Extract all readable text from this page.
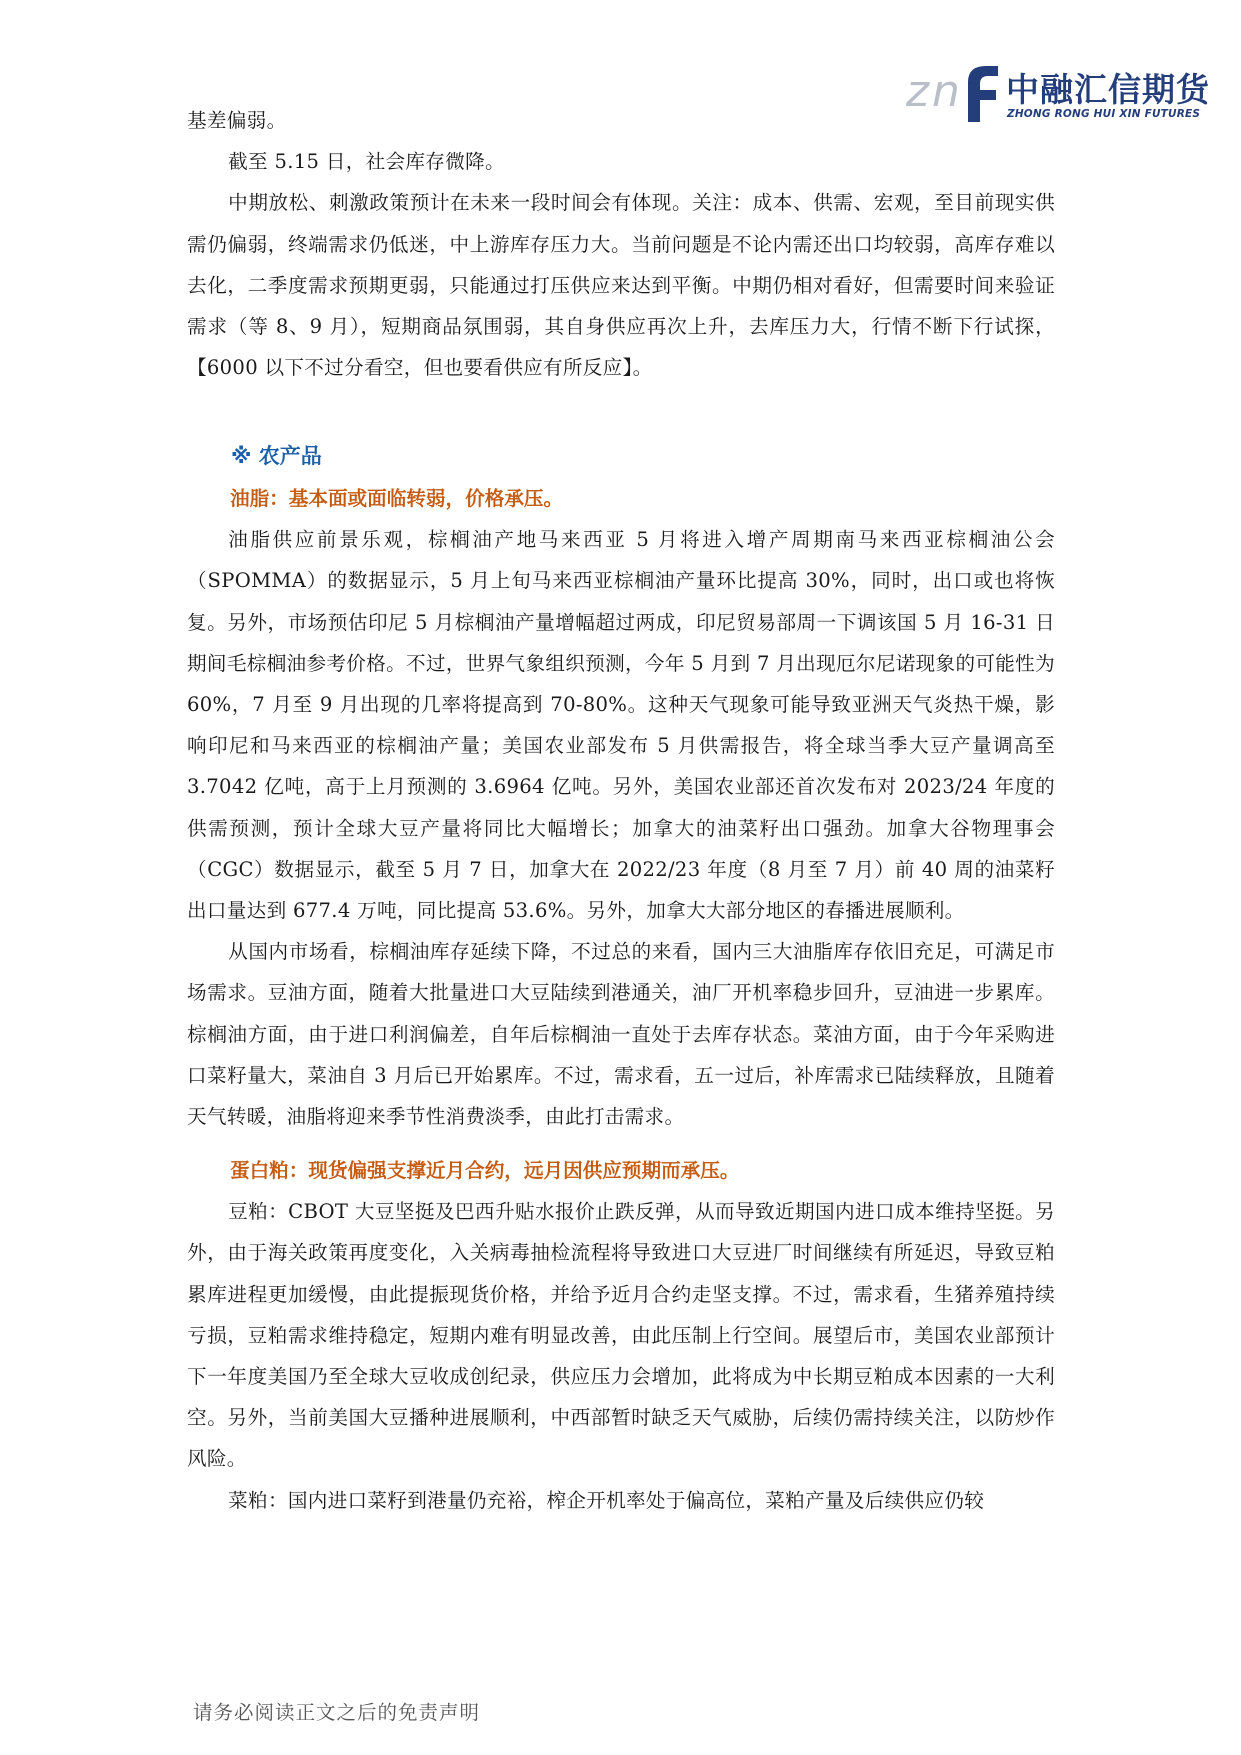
z n 中融汇信期货
ZHONG RONG HUI XIN FUTURES

基差偏弱。

截至 5.15 日，社会库存微降。

中期放松、刺激政策预计在未来一段时间会有体现。关注：成本、供需、宏观，至目前现实供需仍偏弱，终端需求仍低迷，中上游库存压力大。当前问题是不论内需还出口均较弱，高库存难以去化，二季度需求预期更弱，只能通过打压供应来达到平衡。中期仍相对看好，但需要时间来验证需求（等 8、9 月），短期商品氛围弱，其自身供应再次上升，去库压力大，行情不断下行试探，【6000 以下不过分看空，但也要看供应有所反应】。

※ 农产品

油脂：基本面或面临转弱，价格承压。

油脂供应前景乐观，棕榈油产地马来西亚 5 月将进入增产周期南马来西亚棕榈油公会（SPOMMA）的数据显示，5 月上旬马来西亚棕榈油产量环比提高 30%，同时，出口或也将恢复。另外，市场预估印尼 5 月棕榈油产量增幅超过两成，印尼贸易部周一下调该国 5 月 16-31 日期间毛棕榈油参考价格。不过，世界气象组织预测，今年 5 月到 7 月出现厄尔尼诺现象的可能性为 60%，7 月至 9 月出现的几率将提高到 70-80%。这种天气现象可能导致亚洲天气炎热干燥，影响印尼和马来西亚的棕榈油产量；美国农业部发布 5 月供需报告，将全球当季大豆产量调高至 3.7042 亿吨，高于上月预测的 3.6964 亿吨。另外，美国农业部还首次发布对 2023/24 年度的供需预测，预计全球大豆产量将同比大幅增长；加拿大的油菜籽出口强劲。加拿大谷物理事会（CGC）数据显示，截至 5 月 7 日，加拿大在 2022/23 年度（8 月至 7 月）前 40 周的油菜籽出口量达到 677.4 万吨，同比提高 53.6%。另外，加拿大大部分地区的春播进展顺利。

从国内市场看，棕榈油库存延续下降，不过总的来看，国内三大油脂库存依旧充足，可满足市场需求。豆油方面，随着大批量进口大豆陆续到港通关，油厂开机率稳步回升，豆油进一步累库。棕榈油方面，由于进口利润偏差，自年后棕榈油一直处于去库存状态。菜油方面，由于今年采购进口菜籽量大，菜油自 3 月后已开始累库。不过，需求看，五一过后，补库需求已陆续释放，且随着天气转暖，油脂将迎来季节性消费淡季，由此打击需求。

蛋白粕：现货偏强支撑近月合约，远月因供应预期而承压。

豆粕：CBOT 大豆坚挺及巴西升贴水报价止跌反弹，从而导致近期国内进口成本维持坚挺。另外，由于海关政策再度变化，入关病毒抽检流程将导致进口大豆进厂时间继续有所延迟，导致豆粕累库进程更加缓慢，由此提振现货价格，并给予近月合约走坚支撑。不过，需求看，生猪养殖持续亏损，豆粕需求维持稳定，短期内难有明显改善，由此压制上行空间。展望后市，美国农业部预计下一年度美国乃至全球大豆收成创纪录，供应压力会增加，此将成为中长期豆粕成本因素的一大利空。另外，当前美国大豆播种进展顺利，中西部暂时缺乏天气威胁，后续仍需持续关注，以防炒作风险。

菜粕：国内进口菜籽到港量仍充裕，榨企开机率处于偏高位，菜粕产量及后续供应仍较

请务必阅读正文之后的免责声明
